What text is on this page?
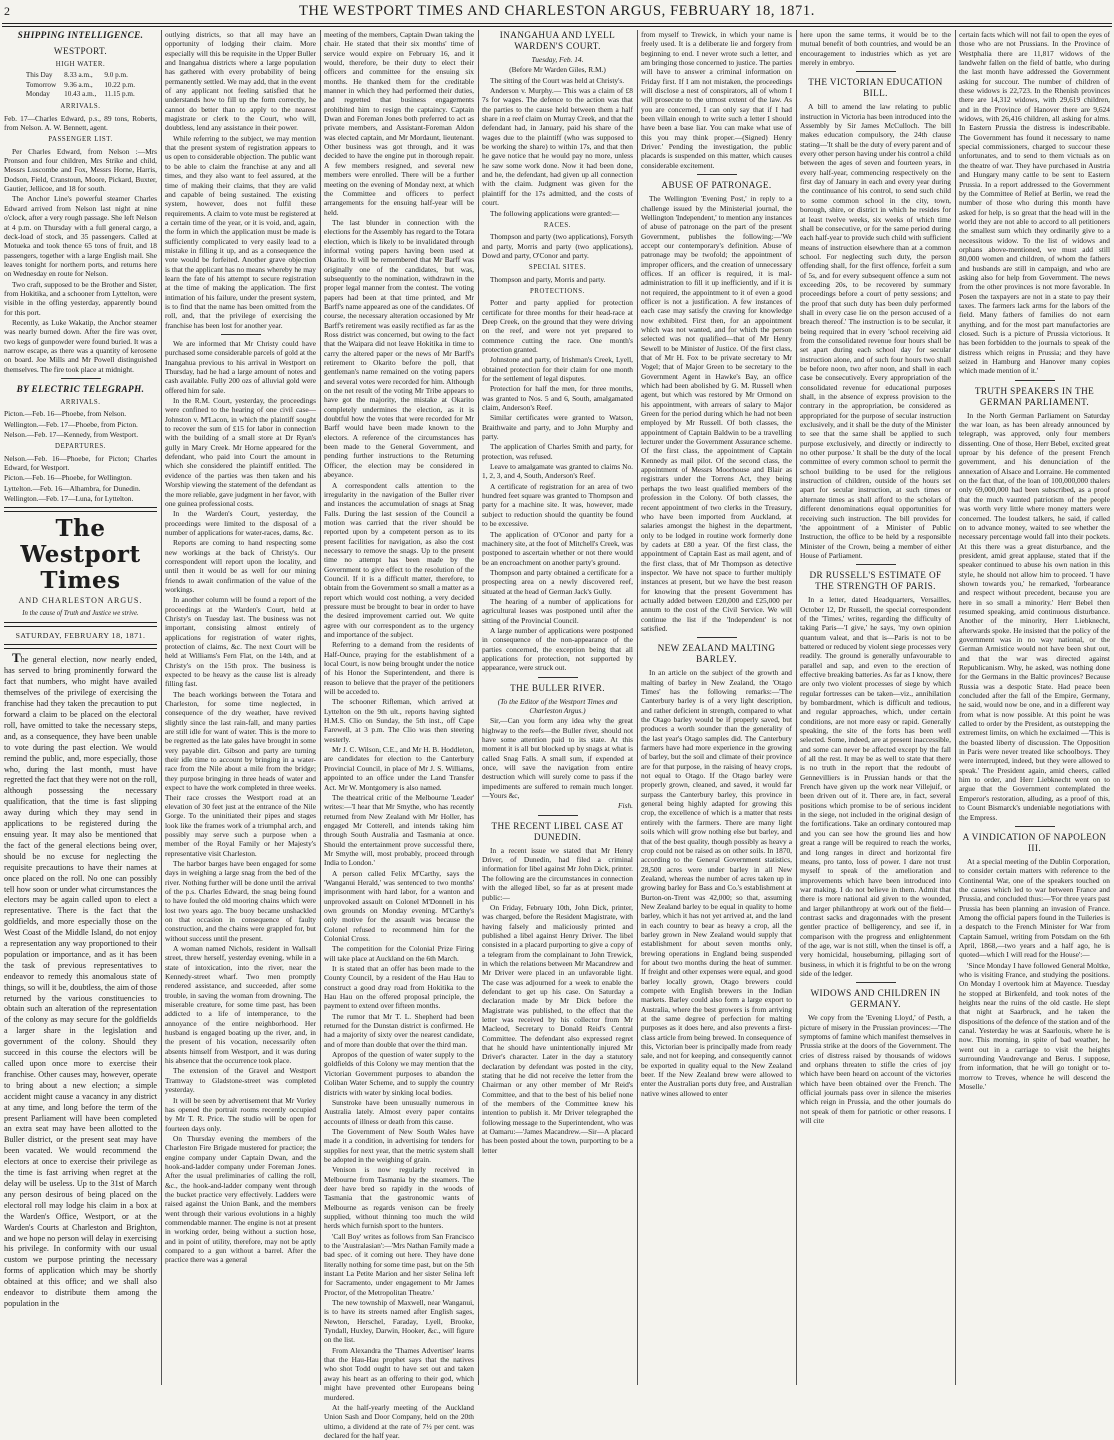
2	THE WESTPORT TIMES AND CHARLESTON ARGUS, FEBRUARY 18, 1871.
SHIPPING INTELLIGENCE.
WESTPORT.
HIGH WATER.
This Day	8.33 a.m.,	9.0 p.m.
Tomorrow	9.36 a.m.,	10.22 p.m.
Monday	10.43 a.m.,	11.15 p.m.
ARRIVALS.

Feb. 17—Charles Edward, p.s., 89 tons, Roberts, from Nelson. A. W. Bennett, agent.

PASSENGER LIST.

Per Charles Edward, from Nelson :—Mrs Pronson and four children, Mrs Strike and child, Messrs Luscombe and Fox, Messrs Horne, Harris, Dodson, Field, Cranstoun, Moore, Pickard, Buxter, Gautier, Jellicoe, and 18 for south.

The Anchor Line's powerful steamer Charles Edward arrived from Nelson last night at nine o'clock, after a very rough passage. She left Nelson at 4 p.m. on Thursday with a full general cargo, a deck-load of stock, and 35 passengers. Called at Motueka and took thence 65 tons of fruit, and 18 passengers, together with a large English mail. She leaves tonight for northern ports, and returns here on Wednesday en route for Nelson.

Two craft, supposed to be the Brother and Sister, from Hokitika, and a schooner from Lyttelton, were visible in the offing yesterday, apparently bound for this port.

Recently, as Luke Wakatip, the Anchor steamer was nearly burned down. After the fire was over, two kegs of gunpowder were found buried. It was a narrow escape, as there was a quantity of kerosene on board. Joe Mills and Mr Powell distinguished themselves. The fire took place at midnight.

BY ELECTRIC TELEGRAPH.
ARRIVALS.

Picton.—Feb. 16—Phoebe, from Nelson.

Wellington.—Feb. 17—Phoebe, from Picton.

Nelson.—Feb. 17—Kennedy, from Westport.

DEPARTURES.

Nelson.—Feb. 16—Phoebe, for Picton; Charles Edward, for Westport.

Picton.—Feb. 16—Phoebe, for Wellington.

Lyttelton.—Feb. 16—Alhambra, for Dunedin.

Wellington.—Feb. 17—Luna, for Lyttelton.

The Westport Times
AND CHARLESTON ARGUS.
In the cause of Truth and Justice we strive.
SATURDAY, FEBRUARY 18, 1871.

The general election, now nearly ended, has served to bring prominently forward the fact that numbers, who might have availed themselves of the privilege of exercising the franchise had they taken the precaution to put forward a claim to be placed on the electoral roll, have omitted to take the necessary steps, and, as a consequence, they have been unable to vote during the past election. We would remind the public, and, more especially, those who, during the last month, must have regretted the fact that they were not on the roll, although possessing the necessary qualification, that the time is fast slipping away during which they may send in applications to be registered during the ensuing year. It may also be mentioned that the fact of the general elections being over, should be no excuse for neglecting the requisite precautions to have their names at once placed on the roll. No one can possibly tell how soon or under what circumstances the electors may be again called upon to elect a representative. There is the fact that the goldfields, and more especially those on the West Coast of the Middle Island, do not enjoy a representation any way proportioned to their population or importance, and as it has been the task of previous representatives to endeavor to remedy this anomalous state of things, so will it be, doubtless, the aim of those returned by the various constituencies to obtain such an alteration of the representation of the colony as may secure for the goldfields a larger share in the legislation and government of the colony. Should they succeed in this course the electors will be called upon once more to exercise their franchise. Other causes may, however, operate to bring about a new election; a simple accident might cause a vacancy in any district at any time, and long before the term of the present Parliament will have been completed an extra seat may have been allotted to the Buller district, or the present seat may have been vacated. We would recommend the electors at once to exercise their privilege as the time is fast arriving when regret at the delay will be useless. Up to the 31st of March any person desirous of being placed on the electoral roll may lodge his claim in a box at the Warden's Office, Westport, or at the Warden's Courts at Charleston and Brighton, and we hope no person will delay in exercising his privilege. In conformity with our usual custom we purpose printing the necessary forms of application which may be shortly obtained at this office; and we shall also endeavor to distribute them among the population in the

outlying districts, so that all may have an opportunity of lodging their claim. More especially will this be requisite in the Upper Buller and Inangahua districts where a large population has gathered with every probability of being permanently settled. We may add, that in the event of any applicant not feeling satisfied that he understands how to fill up the form correctly, he cannot do better than to apply to the nearest magistrate or clerk to the Court, who will, doubtless, lend any assistance in their power.

While referring to the subject, we may mention that the present system of registration appears to us open to considerable objection. The public want to be able to claim the franchise at any and all times, and they also want to feel assured, at the time of making their claims, that they are valid and capable of being sustained. The existing system, however, does not fulfil these requirements. A claim to vote must be registered at a certain time of the year, or it is void, and, again, the form in which the application must be made is sufficiently complicated to very easily lead to a mistake in filling it up, and as a consequence the vote would be forfeited. Another grave objection is that the applicant has no means whereby he may learn the fate of his attempt to secure registration at the time of making the application. The first intimation of his failure, under the present system, is to find that the name has been omitted from the roll, and, that the privilege of exercising the franchise has been lost for another year.

We are informed that Mr Christy could have purchased some considerable parcels of gold at the Inangahua previous to his arrival in Westport on Thursday, had he had a large amount of notes and cash available. Fully 200 ozs of alluvial gold were offered him for sale.

In the R.M. Court, yesterday, the proceedings were confined to the hearing of one civil case—Johnston v. M'Lacon, in which the plaintiff sought to recover the sum of £15 for labor in connection with the building of a small store at Dr Ryan's gully in Mary Creek. Mr Horne appeared for the defendant, who paid into Court the amount in which she considered the plaintiff entitled. The evidence of the parties was then taken and his Worship viewing the statement of the defendant as the more reliable, gave judgment in her favor, with one guinea professional costs.

In the Warden's Court, yesterday, the proceedings were limited to the disposal of a number of applications for water-races, dams, &c.

Reports are coming to hand respecting some new workings at the back of Christy's. Our correspondent will report upon the locality, and until then it would be as well for our mining friends to await confirmation of the value of the workings.

In another column will be found a report of the proceedings at the Warden's Court, held at Christy's on Tuesday last. The business was not important, consisting almost entirely of applications for registration of water rights, protection of claims, &c. The next Court will be held at Williams's Fern Flat, on the 14th, and at Christy's on the 15th prox. The business is expected to be heavy as the cause list is already filling fast.

The beach workings between the Totara and Charleston, for some time neglected, in consequence of the dry weather, have revived slightly since the last rain-fall, and many parties are still idle for want of water. This is the more to be regretted as the late gales have brought in some very payable dirt. Gibson and party are turning their idle time to account by bringing in a water-race from the Nile about a mile from the bridge; they purpose bringing in three heads of water and expect to have the work completed in three weeks. Their race crosses the Westport road at an elevation of 30 feet just at the entrance of the Nile Gorge. To the uninitiated their pipes and stages look like the frames work of a triumphal arch, and possibly may serve such a purpose when a member of the Royal Family or her Majesty's representative visit Charleston.

The harbor barges have been engaged for some days in weighing a large snag from the bed of the river. Nothing further will be done until the arrival of the p.s. Charles Edward, the snag being found to have fouled the old mooring chains which were lost two years ago. The buoy became unshackled on that occasion in consequence of faulty construction, and the chains were grappled for, but without success until the present.

A woman named Nichols, resident in Wallsall street, threw herself, yesterday evening, while in a state of intoxication, into the river, near the Kennedy-street wharf. Two men promptly rendered assistance, and succeeded, after some trouble, in saving the woman from drowning. The miserable creature, for some time past, has been addicted to a life of intemperance, to the annoyance of the entire neighborhood. Her husband is engaged boating up the river, and, in the present of his vocation, necessarily often absents himself from Westport, and it was during his absence that the occurrence took place.

The extension of the Gravel and Westport Tramway to Gladstone-street was completed yesterday.

It will be seen by advertisement that Mr Vorley has opened the portrait rooms recently occupied by Mr T. R. Price. The studio will be open for fourteen days only.

On Thursday evening the members of the Charleston Fire Brigade mustered for practice; the engine company under Captain Dwan, and the hook-and-ladder company under Foreman Jones. After the usual preliminaries of calling the roll, &c., the hook-and-ladder company went through the bucket practice very effectively. Ladders were raised against the Union Bank, and the members went through their various evolutions in a highly commendable manner. The engine is not at present in working order, being without a suction hose, and in point of utility, therefore, may not be aptly compared to a gun without a barrel. After the practice there was a general

meeting of the members, Captain Dwan taking the chair. He stated that their six months' time of service would expire on February 16, and it would, therefore, be their duty to elect their officers and committee for the ensuing six months. He thanked them for the creditable manner in which they had performed their duties, and regretted that business engagements prohibited him to resign the captaincy. Captain Dwan and Foreman Jones both preferred to act as private members, and Assistant-Foreman Aldon was elected captain, and Mr Mordaunt, lieutenant. Other business was got through, and it was decided to have the engine put in thorough repair. A few members resigned, and several new members were enrolled. There will be a further meeting on the evening of Monday next, at which the Committee and officers to perfect arrangements for the ensuing half-year will be held.

The last blunder in connection with the elections for the Assembly has regard to the Totara election, which is likely to be invalidated through informal voting papers having been used at Okarito. It will be remembered that Mr Barff was originally one of the candidates, but was, subsequently to the nomination, withdrawn in the proper legal manner from the contest. The voting papers had been at that time printed, and Mr Barff's name appeared as one of the candidates. Of course, the necessary alteration occasioned by Mr Barff's retirement was easily rectified as far as the Ross district was concerned, but owing to the fact that the Waipara did not leave Hokitika in time to carry the altered paper or the news of Mr Barff's retirement to Okarito before the poll, that gentleman's name remained on the voting papers and several votes were recorded for him. Although on the net result of the voting Mr Tribe appears to have got the majority, the mistake at Okarito completely undermines the election, as it is doubtful how the votes that were recorded for Mr Barff would have been made known to the electors. A reference of the circumstances has been made to the General Government, and pending further instructions to the Returning Officer, the election may be considered in abeyance.

A correspondent calls attention to the irregularity in the navigation of the Buller river and instances the accumulation of snags at Snag Falls. During the last session of the Council a motion was carried that the river should be reported upon by a competent person as to its present facilities for navigation, as also the cost necessary to remove the snags. Up to the present time no attempt has been made by the Government to give effect to the resolution of the Council. If it is a difficult matter, therefore, to obtain from the Government so small a matter as a report which would cost nothing, a very decided pressure must be brought to bear in order to have the desired improvement carried out. We quite agree with our correspondent as to the urgency and importance of the subject.

Referring to a demand from the residents of Half-Ounce, praying for the establishment of a local Court, is now being brought under the notice of his Honor the Superintendent, and there is reason to believe that the prayer of the petitioners will be acceded to.

The schooner Rifleman, which arrived at Lyttelton on the 9th ult., reports having sighted H.M.S. Clio on Sunday, the 5th inst., off Cape Farewell, at 3 p.m. The Clio was then steering westerly.

Mr J. C. Wilson, C.E., and Mr H. B. Hoddleton, are candidates for election to the Canterbury Provincial Council, in place of Mr J. S. Williams, appointed to an office under the Land Transfer Act. Mr W. Montgomery is also named.

The theatrical critic of the Melbourne 'Leader' writes:—'I hear that Mr Smythe, who has recently returned from New Zealand with Mr Holler, has engaged Mr Cotterell, and intends taking him through South Australia and Tasmania at once. Should the entertainment prove successful there, Mr Smythe will, most probably, proceed through India to London.'

A person called Felix M'Carthy, says the 'Wanganui Herald,' was sentenced to two months' imprisonment with hard labor, for a wanton and unprovoked assault on Colonel M'Donnell in his own grounds on Monday evening. M'Carthy's only motive for the assault was because the Colonel refused to recommend him for the Colonial Cross.

The competition for the Colonial Prize Firing will take place at Auckland on the 6th March.

It is stated that an offer has been made to the County Council, by a resident of the Hau Hau to construct a good dray road from Hokitika to the Hau Hau on the offered proposal principle, the payment to extend over fifteen months.

The rumor that Mr T. L. Shepherd had been returned for the Dunstan district is confirmed. He had a majority of sixty over the nearest candidate, and of more than double that over the third man.

Apropos of the question of water supply to the goldfields of this Colony we may mention that the Victorian Government purposes to abandon the Coliban Water Scheme, and to supply the country districts with water by sinking local bodies.

Sunstroke have been unusually numerous in Australia lately. Almost every paper contains accounts of illness or death from this cause.

The Government of New South Wales have made it a condition, in advertising for tenders for supplies for next year, that the metric system shall be adopted in the weighing of grain.

Venison is now regularly received in Melbourne from Tasmania by the steamers. The deer have bred so rapidly in the woods of Tasmania that the gastronomic wants of Melbourne as regards venison can be freely supplied, without thinning too much the wild herds which furnish sport to the hunters.

'Call Boy' writes as follows from San Francisco to the 'Australasian':—'Mrs Nathan Family made a bad spec. of it coming out here. They have done literally nothing for some time past, but on the 5th instant La Petite Marion and her sister Selina left for Sacramento, under engagement to Mr James Proctor, of the Metropolitan Theatre.'

The new township of Maxwell, near Wanganui, is to have its streets named after English sages, Newton, Herschel, Faraday, Lyell, Brooke, Tyndall, Huxley, Darwin, Hooker, &c., will figure on the list.

From Alexandra the 'Thames Advertiser' learns that the Hau-Hau prophet says that the natives who shot Todd ought to have set out and taken away his heart as an offering to their god, which might have prevented other Europeans being murdered.

At the half-yearly meeting of the Auckland Union Sash and Door Company, held on the 20th ultimo, a dividend at the rate of 7½ per cent. was declared for the half year.

INANGAHUA AND LYELL WARDEN'S COURT.

Tuesday, Feb. 14.

(Before Mr Warden Giles, R.M.)

The sitting of the Court was held at Christy's.

Anderson v. Murphy.— This was a claim of £8 7s for wages. The defence to the action was that the parties to the cause held between them a half share in a reef claim on Murray Creek, and that the defendant had, in January, paid his share of the wages due to the plaintiff (who was supposed to be working the share) to within 17s, and that then he gave notice that he would pay no more, unless he saw some work done. Now it had been done, and he, the defendant, had given up all connection with the claim. Judgment was given for the plaintiff for the 17s admitted, and the costs of court.

The following applications were granted:—

RACES.

Thompson and party (two applications), Forsyth and party, Morris and party (two applications), Dowd and party, O'Conor and party.

SPECIAL SITES.

Thompson and party, Morris and party.

PROTECTIONS.

Potter and party applied for protection certificate for three months for their head-race at Deep Creek, on the ground that they were driving on the reef, and were not yet prepared to commence cutting the race. One month's protection granted.

Johnstone and party, of Irishman's Creek, Lyell, obtained protection for their claim for one month for the settlement of legal disputes.

Protection for half the men, for three months, was granted to Nos. 5 and 6, South, amalgamated claim, Anderson's Reef.

Similar certificates were granted to Watson, Braithwaite and party, and to John Murphy and party.

The application of Charles Smith and party, for protection, was refused.

Leave to amalgamate was granted to claims No. 1, 2, 3, and 4, South, Anderson's Reef.

A certificate of registration for an area of two hundred feet square was granted to Thompson and party for a machine site. It was, however, made subject to reduction should the quantity be found to be excessive.

The application of O'Conor and party for a machinery site, at the foot of Mitchell's Creek, was postponed to ascertain whether or not there would be an encroachment on another party's ground.

Thompson and party obtained a certificate for a prospecting area on a newly discovered reef, situated at the head of German Jack's Gully.

The hearing of a number of applications for agricultural leases was postponed until after the sitting of the Provincial Council.

A large number of applications were postponed in consequence of the non-appearance of the parties concerned, the exception being that all applications for protection, not supported by appearance, were struck out.

THE BULLER RIVER.

(To the Editor of the Westport Times and Charleston Argus.)

Sir,—Can you form any idea why the great highway to the reefs—the Buller river, should not have some attention paid to its state. At this moment it is all but blocked up by snags at what is called Snag Falls. A small sum, if expended at once, will save the navigation from entire destruction which will surely come to pass if the impediments are suffered to remain much longer.—Yours &c,

Fish.

THE RECENT LIBEL CASE AT DUNEDIN.

In a recent issue we stated that Mr Henry Driver, of Dunedin, had filed a criminal information for libel against Mr John Dick, printer. The following are the circumstances in connection with the alleged libel, so far as at present made public:—

On Friday, February 10th, John Dick, printer, was charged, before the Resident Magistrate, with having falsely and maliciously printed and published a libel against Henry Driver. The libel consisted in a placard purporting to give a copy of a telegram from the complainant to John Trewick, in which the relations between Mr Macandrew and Mr Driver were placed in an unfavorable light. The case was adjourned for a week to enable the defendant to get up his case. On Saturday a declaration made by Mr Dick before the Magistrate was published, to the effect that the letter was received by his collector from Mr Macleod, Secretary to Donald Reid's Central Committee. The defendant also expressed regret that he should have unintentionally injured Mr Driver's character. Later in the day a statutory declaration by defendant was posted in the city, stating that he did not receive the letter from the Chairman or any other member of Mr Reid's Committee, and that to the best of his belief none of the members of the Committee knew his intention to publish it. Mr Driver telegraphed the following message to the Superintendent, who was at Oamaru:—'James Macandrew.—Sir—A placard has been posted about the town, purporting to be a letter

from myself to Trewick, in which your name is freely used. It is a deliberate lie and forgery from beginning to end. I never wrote such a letter, and am bringing those concerned to justice. The parties will have to answer a criminal information on Friday first. If I am not mistaken, the proceedings will disclose a nest of conspirators, all of whom I will prosecute to the utmost extent of the law. As you are concerned, I can only say that if I had been villain enough to write such a letter I should have been a base liar. You can make what use of this you may think proper.—(Signed) Henry Driver.' Pending the investigation, the public placards is suspended on this matter, which causes considerable excitement.

ABUSE OF PATRONAGE.

The Wellington 'Evening Post,' in reply to a challenge issued by the Ministerial journal, the Wellington 'Independent,' to mention any instances of abuse of patronage on the part of the present Government, publishes the following:—'We accept our contemporary's definition. Abuse of patronage may be twofold; the appointment of improper officers, and the creation of unnecessary offices. If an officer is required, it is mal-administration to fill it up inefficiently, and if it is not required, the appointment to it of even a good officer is not a justification. A few instances of each case may satisfy the craving for knowledge now exhibited. First then, for an appointment which was not wanted, and for which the person selected was not qualified—that of Mr Henry Sewell to be Minister of Justice. Of the first class, that of Mr H. Fox to be private secretary to Mr Vogel; that of Major Green to be secretary to the Government Agent in Hawke's Bay, an office which had been abolished by G. M. Russell when agent, but which was restored by Mr Ormond on his appointment, with arrears of salary to Major Green for the period during which he had not been employed by Mr Russell. Of both classes, the appointment of Captain Baldwin to be a travelling lecturer under the Government Assurance scheme. Of the first class, the appointment of Captain Kennedy as mail pilot. Of the second class, the appointment of Messrs Moorhouse and Blair as registrars under the Torrens Act, they being perhaps the two least qualified members of the profession in the Colony. Of both classes, the recent appointment of two clerks in the Treasury, who have been imported from Auckland, at salaries amongst the highest in the department, only to be lodged in routine work formerly done by cadets at £80 a year. Of the first class, the appointment of Captain East as mail agent, and of the first class, that of Mr Thompson as detective inspector. We have not space to further multiply instances at present, but we have the best reason for knowing that the present Government has actually added between £20,000 and £25,000 per annum to the cost of the Civil Service. We will continue the list if the 'Independent' is not satisfied.

NEW ZEALAND MALTING BARLEY.

In an article on the subject of the growth and malting of barley in New Zealand, the 'Otago Times' has the following remarks:—'The Canterbury barley is of a very light description, and rather deficient in strength, compared to what the Otago barley would be if properly saved, but produces a worth sounder than the generality of the last year's Otago samples did. The Canterbury farmers have had more experience in the growing of barley, but the soil and climate of their province are for that purpose, in the raising of heavy crops, not equal to Otago. If the Otago barley were properly grown, cleaned, and saved, it would far surpass the Canterbury barley, this province in general being highly adapted for growing this crop, the excellence of which is a matter that rests entirely with the farmers. There are many light soils which will grow nothing else but barley, and that of the best quality, though possibly as heavy a crop could not be raised as on other soils. In 1870, according to the General Government statistics, 28,500 acres were under barley in all New Zealand, whereas the number of acres taken up in growing barley for Bass and Co.'s establishment at Burton-on-Trent was 42,000; so that, assuming New Zealand barley to be equal in quality to home barley, which it has not yet arrived at, and the land in each country to bear as heavy a crop, all the barley grown in New Zealand would supply that establishment for about seven months only, brewing operations in England being suspended for about two months during the heat of summer. If freight and other expenses were equal, and good barley locally grown, Otago brewers could compete with English brewers in the Indian markets. Barley could also form a large export to Australia, where the best growers is from arriving at the same degree of perfection for malting purposes as it does here, and also prevents a first-class article from being brewed. In consequence of this, Victorian beer is principally made from ready sale, and not for keeping, and consequently cannot be exported in quality equal to the New Zealand beer. If the New Zealand brew were allowed to enter the Australian ports duty free, and Australian native wines allowed to enter

here upon the same terms, it would be to the mutual benefit of both countries, and would be an encouragement to industries which as yet are merely in embryo.

THE VICTORIAN EDUCATION BILL.

A bill to amend the law relating to public instruction in Victoria has been introduced into the Assembly by Sir James McCulloch. The bill makes education compulsory, the 24th clause stating—'It shall be the duty of every parent and of every other person having under his control a child between the ages of seven and fourteen years, in every half-year, commencing respectively on the first day of January in each and every year during the continuance of his control, to send such child to some common school in the city, town, borough, shire, or district in which he resides for at least twelve weeks, six weeks of which time shall be consecutive, or for the same period during each half-year to provide such child with sufficient means of instruction elsewhere than at a common school. For neglecting such duty, the person offending shall, for the first offence, forfeit a sum of 5s, and for every subsequent offence a sum not exceeding 20s, to be recovered by summary proceedings before a court of petty sessions; and the proof that such duty has been duly performed shall in every case lie on the person accused of a breach thereof.' The instruction is to be secular, it being required that in every 'school receiving aid from the consolidated revenue four hours shall be set apart during each school day for secular instruction alone, and of such four hours two shall be before noon, two after noon, and shall in each case be consecutively. Every appropriation of the consolidated revenue for educational purposes shall, in the absence of express provision to the contrary in the appropriation, be considered as appropriated for the purpose of secular instruction exclusively, and it shall be the duty of the Minister to see that the same shall be applied to such purpose exclusively, and directly or indirectly to no other purpose.' It shall be the duty of the local committee of every common school to permit the school building to be used for the religious instruction of children, outside of the hours set apart for secular instruction, at such times or alternate times as shall afford to the scholars of different denominations equal opportunities for receiving such instruction. The bill provides for 'the appointment of a Minister of Public Instruction, the office to be held by a responsible Minister of the Crown, being a member of either House of Parliament.

DR RUSSELL'S ESTIMATE OF THE STRENGTH OF PARIS.

In a letter, dated Headquarters, Versailles, October 12, Dr Russell, the special correspondent of the 'Times,' writes, regarding the difficulty of taking Paris—'I give,' he says, 'my own opinion quantum valeat, and that is—Paris is not to be battered or reduced by violent siege processes very readily. The ground is generally unfavourable to parallel and sap, and even to the erection of effective breaking batteries. As far as I know, there are only two violent processes of siege by which regular fortresses can be taken—viz., annihilation by bombardment, which is difficult and tedious, and regular approaches, which, under certain conditions, are not more easy or rapid. Generally speaking, the site of the forts has been well selected. Some, indeed, are at present inaccessible, and some can never be affected except by the fall of all the rest. It may be as well to state that there is no truth in the report that the redoubt of Gennevilliers is in Prussian hands or that the French have given up the work near Villejuif, or been driven out of it. There are, in fact, several positions which promise to be of serious incident in the siege, not included in the original design of the fortifications. Take an ordinary contoured map and you can see how the ground lies and how great a range will be required to reach the works, and long ranges in direct and horizontal fire means, pro tanto, loss of power. I dare not trust myself to speak of the amelioration and improvements which have been introduced into war making. I do not believe in them. Admit that there is more national aid given to the wounded, and larger philanthropy at work out of the field—contrast sacks and dragonnades with the present gentler practice of belligerency, and see if, in comparison with the progress and enlightenment of the age, war is not still, when the tinsel is off, a very homicidal, housebuming, pillaging sort of business, in which it is frightful to be on the wrong side of the ledger.

WIDOWS AND CHILDREN IN GERMANY.

We copy from the 'Evening Lloyd,' of Pesth, a picture of misery in the Prussian provinces:—'The symptoms of famine which manifest themselves in Prussia strike at the doors of the Government. The cries of distress raised by thousands of widows and orphans threaten to stifle the cries of joy which have been heard on account of the victories which have been obtained over the French. The official journals pass over in silence the miseries which reign in Prussia, and the other journals do not speak of them for patriotic or other reasons. I will cite

certain facts which will not fail to open the eyes of those who are not Prussians. In the Province of Westphalia there are 11,817 widows of the landwehr fallen on the field of battle, who during the last month have addressed the Government asking for succour. The number of children of these widows is 22,723. In the Rhenish provinces there are 14,312 widows, with 29,619 children, and in the Province of Hanover there are 9,624 widows, with 26,416 children, all asking for alms. In Eastern Prussia the distress is indescribable. The Government has found it necessary to name special commissioners, charged to succour these unfortunates, and to send to them victuals as on the theatre of war. They have purchased in Austria and Hungary many cattle to be sent to Eastern Prussia. In a report addressed to the Government by the Committee of Relief at Berlin, we read the number of those who during this month have asked for help, is so great that the head will in the world they are not able to accord to all petitioners the smallest sum which they ordinarily give to a necessitous widow. To the list of widows and orphans above-mentioned, we must add still 80,000 women and children, of whom the fathers and husbands are still in campaign, and who are asking also for help from Government. The news from the other provinces is not more favorable. In Posen the taxpayers are not in a state to pay their taxes. The farmers lack arms for the labors of the field. Many fathers of families do not earn anything, and for the most part manufactories are closed. Such is a picture of Prussia victorious. It has been forbidden to the journals to speak of the distress which reigns in Prussia; and they have seized in Hamburg and Hanover many copies which made mention of it.'

TRUTH SPEAKERS IN THE GERMAN PARLIAMENT.

In the North German Parliament on Saturday the war loan, as has been already announced by telegraph, was approved, only four members dissenting. One of those, Herr Bebel, excited great uproar by his defence of the present French government, and his denunciation of the annexation of Alsace and Lorraine. He commented on the fact that, of the loan of 100,000,000 thalers only 69,000,000 had been subscribed, as a proof that the much vaunted patriotism of the people was worth very little where money matters were concerned. The loudest talkers, he said, if called on to advance money, waited to see whether the necessary percentage would fall into their pockets. At this there was a great disturbance, and the president, amid great applause, stated that if the speaker continued to abuse his own nation in this style, he should not allow him to proceed. 'I have shown towards you,' he remarked, 'forbearance and respect without precedent, because you are here in so small a minority.' Herr Bebel then resumed speaking, amid continuous disturbance. Another of the minority, Herr Liebknecht, afterwards spoke. He insisted that the policy of the government was in no way national, or the German Armistice would not have been shut out, and that the war was directed against Republicanism. Why, he asked, was nothing done for the Germans in the Baltic provinces? Because Russia was a despotic State. Had peace been concluded after the fall of the Empire, Germany, he said, would now be one, and in a different way from what is now possible. At this point he was called to order by the President, as outstepping the extremest limits, on which he exclaimed —'This is the boasted liberty of discussion. The Opposition in Paris were never treated like schoolboys. They were interrupted, indeed, but they were allowed to speak.' The President again, amid cheers, called him to order, and Herr Liebknecht went on to argue that the Government contemplated the Emperor's restoration, alluding, as a proof of this, to Count Bismarck's undeniable negotiations with the Empress.

A VINDICATION OF NAPOLEON III.

At a special meeting of the Dublin Corporation, to consider certain matters with reference to the Continental War, one of the speakers touched on the causes which led to war between France and Prussia, and concluded thus:—'For three years past Prussia has been planning an invasion of France. Among the official papers found in the Tuileries is a despatch to the French Minister for War from Captain Samuel, writing from Potsdam on the 6th April, 1868,—two years and a half ago, he is quoted—which I will read for the House':—

'Since Monday I have followed General Moltke, who is visiting France, and studying the positions. On Monday I overtook him at Mayence. Tuesday he stopped at Birkenfeld, and took notes of the heights near the ruins of the old castle. He slept that night at Saarbruck, and he taken the dispositions of the defence of the station and of the canal. Yesterday he was at Saarlouis, where he is now. This morning, in spite of bad weather, he went out in a carriage to visit the heights surrounding Vaudrevange and Berus. I suppose, from information, that he will go tonight or to-morrow to Treves, whence he will descend the Moselle.'
